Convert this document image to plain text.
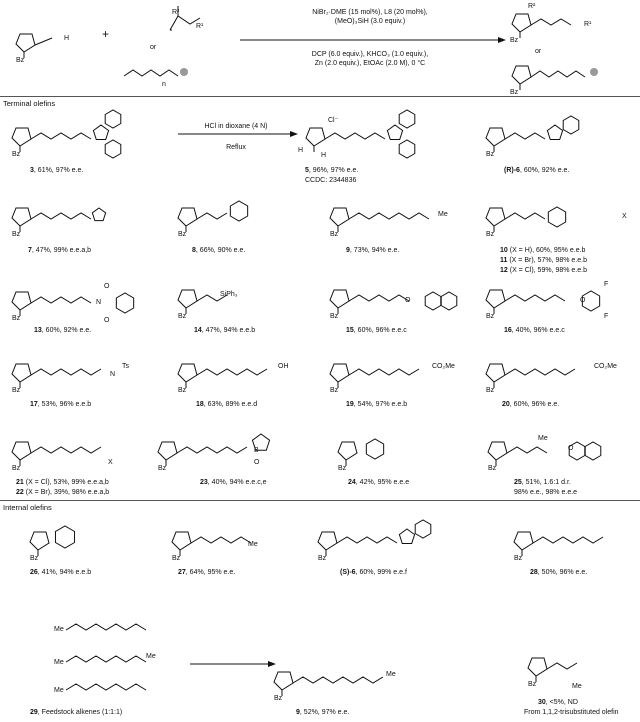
Bz
H	+
R²
R¹
or
n
NiBr₂·DME (15 mol%), L8 (20 mol%),
(MeO)₃SiH (3.0 equiv.)
DCP (6.0 equiv.), KHCO₃ (1.0 equiv.),
Zn (2.0 equiv.), EtOAc (2.0 M), 0 °C
R²
R¹
Bz
or
Bz
Terminal olefins
Bz
3, 61%, 97% e.e.
HCl in dioxane (4 N)
Reflux
Cl⁻
H
H
5, 96%, 97% e.e.
CCDC: 2344836
Bz
(R)-6, 60%, 92% e.e.
Bz
7, 47%, 99% e.e.a,b
Bz
8, 66%, 90% e.e.
Bz
Me
9, 73%, 94% e.e.
Bz
X
10 (X = H), 60%, 95% e.e.b
11 (X = Br), 57%, 98% e.e.b
12 (X = Cl), 59%, 98% e.e.b
Bz
N
O
O
13, 60%, 92% e.e.
Bz
SiPh₃
14, 47%, 94% e.e.b
Bz
O
15, 60%, 96% e.e.c
Bz
O
F
F
16, 40%, 96% e.e.c
Bz
N
Ts
17, 53%, 96% e.e.b
Bz
OH
18, 63%, 89% e.e.d
Bz
CO₂Me
19, 54%, 97% e.e.b
Bz
CO₂Me
20, 60%, 96% e.e.
Bz
X
21 (X = Cl), 53%, 99% e.e.a,b
22 (X = Br), 39%, 98% e.e.a,b
Bz
B
O
23, 40%, 94% e.e.c,e
Bz
24, 42%, 95% e.e.e
Bz
Me
O
25, 51%, 1.6:1 d.r.
98% e.e., 98% e.e.e
Internal olefins
Bz
26, 41%, 94% e.e.b
Bz
Me
27, 64%, 95% e.e.
Bz
(S)-6, 60%, 99% e.e.f
Bz
28, 50%, 96% e.e.
Me
Me
Me
Me
29, Feedstock alkenes (1:1:1)
Bz
Me
9, 52%, 97% e.e.
Bz	Me
30, <5%, ND
From 1,1,2-trisubstituted olefin
